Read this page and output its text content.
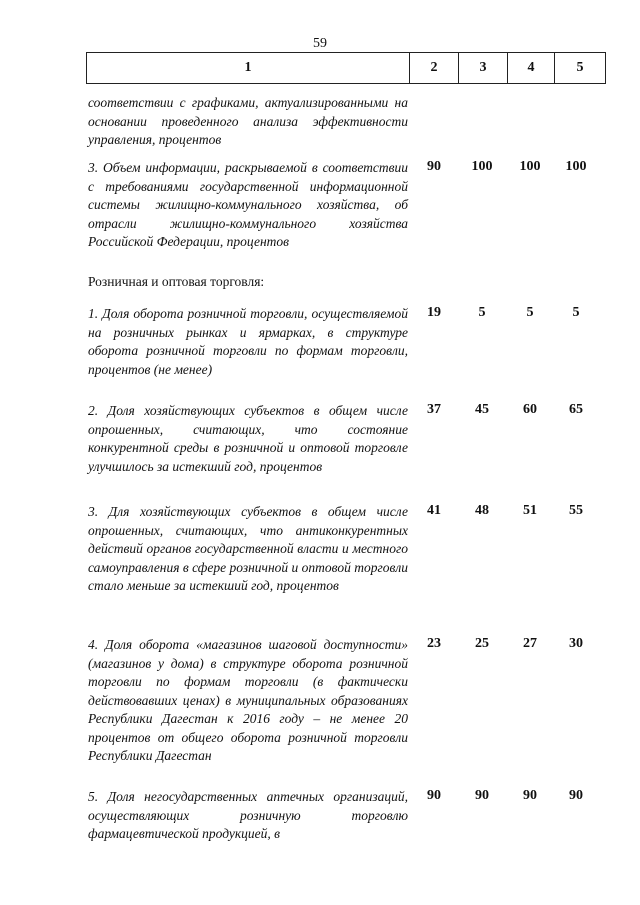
59
1	2	3	4	5
соответствии с графиками, актуализированными на основании проведенного анализа эффективности управления, процентов
3. Объем информации, раскрываемой в соответствии с требованиями государственной информационной системы жилищно-коммунального хозяйства, об отрасли жилищно-коммунального хозяйства Российской Федерации, процентов
90	100	100	100
Розничная и оптовая торговля:
1. Доля оборота розничной торговли, осуществляемой на розничных рынках и ярмарках, в структуре оборота розничной торговли по формам торговли, процентов (не менее)
19	5	5	5
2. Доля хозяйствующих субъектов в общем числе опрошенных, считающих, что состояние конкурентной среды в розничной и оптовой торговле улучшилось за истекший год, процентов
37	45	60	65
3. Для хозяйствующих субъектов в общем числе опрошенных, считающих, что антиконкурентных действий органов государственной власти и местного самоуправления в сфере розничной и оптовой торговли стало меньше за истекший год, процентов
41	48	51	55
4. Доля оборота «магазинов шаговой доступности» (магазинов у дома) в структуре оборота розничной торговли по формам торговли (в фактически действовавших ценах) в муниципальных образованиях Республики Дагестан к 2016 году – не менее 20 процентов от общего оборота розничной торговли Республики Дагестан
23	25	27	30
5. Доля негосударственных аптечных организаций, осуществляющих розничную торговлю фармацевтической продукцией, в
90	90	90	90
